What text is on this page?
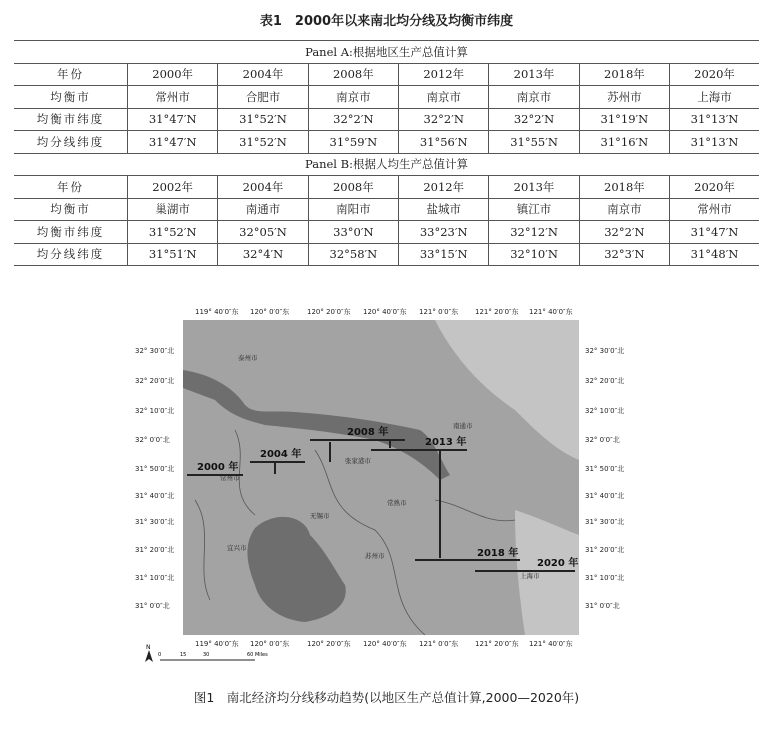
表1　2000年以来南北均分线及均衡市纬度
Panel A:根据地区生产总值计算							
年份	2000年	2004年	2008年	2012年	2013年	2018年	2020年
均衡市	常州市	合肥市	南京市	南京市	南京市	苏州市	上海市
均衡市纬度	31°47′N	31°52′N	32°2′N	32°2′N	32°2′N	31°19′N	31°13′N
均分线纬度	31°47′N	31°52′N	31°59′N	31°56′N	31°55′N	31°16′N	31°13′N
Panel B:根据人均生产总值计算							
年份	2002年	2004年	2008年	2012年	2013年	2018年	2020年
均衡市	巢湖市	南通市	南阳市	盐城市	镇江市	南京市	常州市
均衡市纬度	31°52′N	32°05′N	33°0′N	33°23′N	32°12′N	32°2′N	31°47′N
均分线纬度	31°51′N	32°4′N	32°58′N	33°15′N	32°10′N	32°3′N	31°48′N
119° 40′0″东 120° 0′0″东	120° 20′0″东 120° 40′0″东 121° 0′0″东 121° 20′0″东 121° 40′0″东
119° 40′0″东 120° 0′0″东	120° 20′0″东 120° 40′0″东 121° 0′0″东 121° 20′0″东 121° 40′0″东
32° 30′0″北
32° 20′0″北
32° 10′0″北
32° 0′0″北
31° 50′0″北
31° 40′0″北
31° 30′0″北
31° 20′0″北
31° 10′0″北
31° 0′0″北
32° 30′0″北
32° 20′0″北
32° 10′0″北
32° 0′0″北
31° 50′0″北
31° 40′0″北
31° 30′0″北
31° 20′0″北
31° 10′0″北
31° 0′0″北
2000 年
2004 年
2008 年
2013 年
2018 年
2020 年
泰州市
南通市
张家港市
常熟市
无锡市
苏州市
宜兴市
上海市
常州市
0	15	30	60 Miles
N
图1　南北经济均分线移动趋势(以地区生产总值计算,2000—2020年)
